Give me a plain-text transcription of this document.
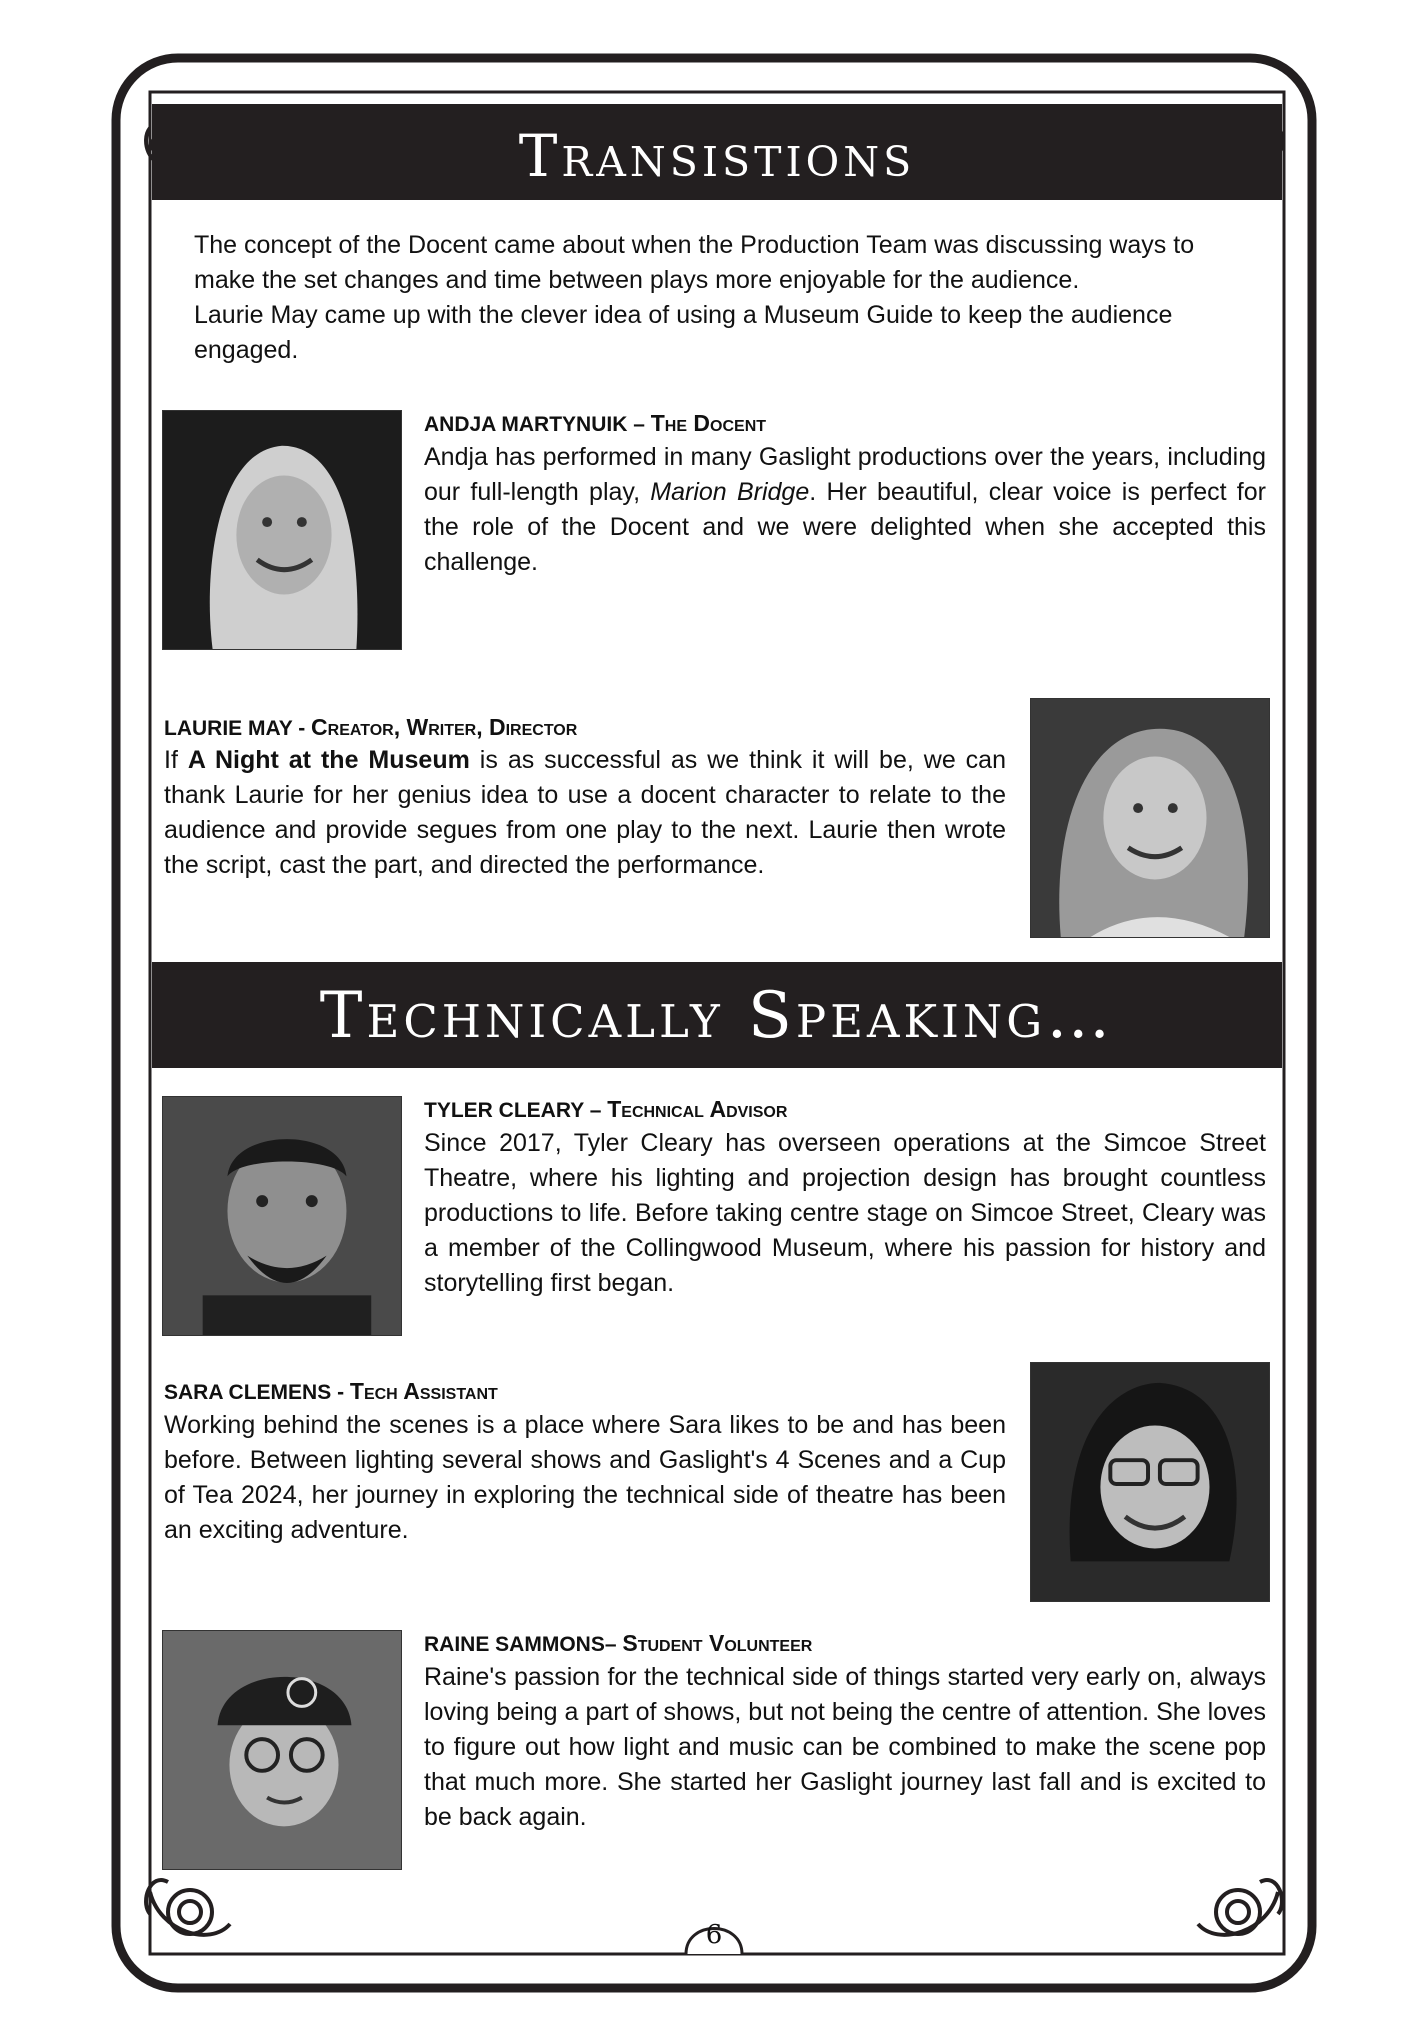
Transistions
The concept of the Docent came about when the Production Team was discussing ways to make the set changes and time between plays more enjoyable for the audience.
Laurie May came up with the clever idea of using a Museum Guide to keep the audience engaged.
ANDJA MARTYNUIK – The Docent
Andja has performed in many Gaslight productions over the years, including our full-length play, Marion Bridge. Her beautiful, clear voice is perfect for the role of the Docent and we were delighted when she accepted this challenge.
LAURIE MAY - Creator, Writer, Director
If A Night at the Museum is as successful as we think it will be, we can thank Laurie for her genius idea to use a docent character to relate to the audience and provide segues from one play to the next. Laurie then wrote the script, cast the part, and directed the performance.
Technically Speaking…
TYLER CLEARY – Technical Advisor
Since 2017, Tyler Cleary has overseen operations at the Simcoe Street Theatre, where his lighting and projection design has brought countless productions to life. Before taking centre stage on Simcoe Street, Cleary was a member of the Collingwood Museum, where his passion for history and storytelling first began.
SARA CLEMENS - Tech Assistant
Working behind the scenes is a place where Sara likes to be and has been before. Between lighting several shows and Gaslight's 4 Scenes and a Cup of Tea 2024, her journey in exploring the technical side of theatre has been an exciting adventure.
RAINE SAMMONS– Student Volunteer
Raine's passion for the technical side of things started very early on, always loving being a part of shows, but not being the centre of attention. She loves to figure out how light and music can be combined to make the scene pop that much more. She started her Gaslight journey last fall and is excited to be back again.
6
